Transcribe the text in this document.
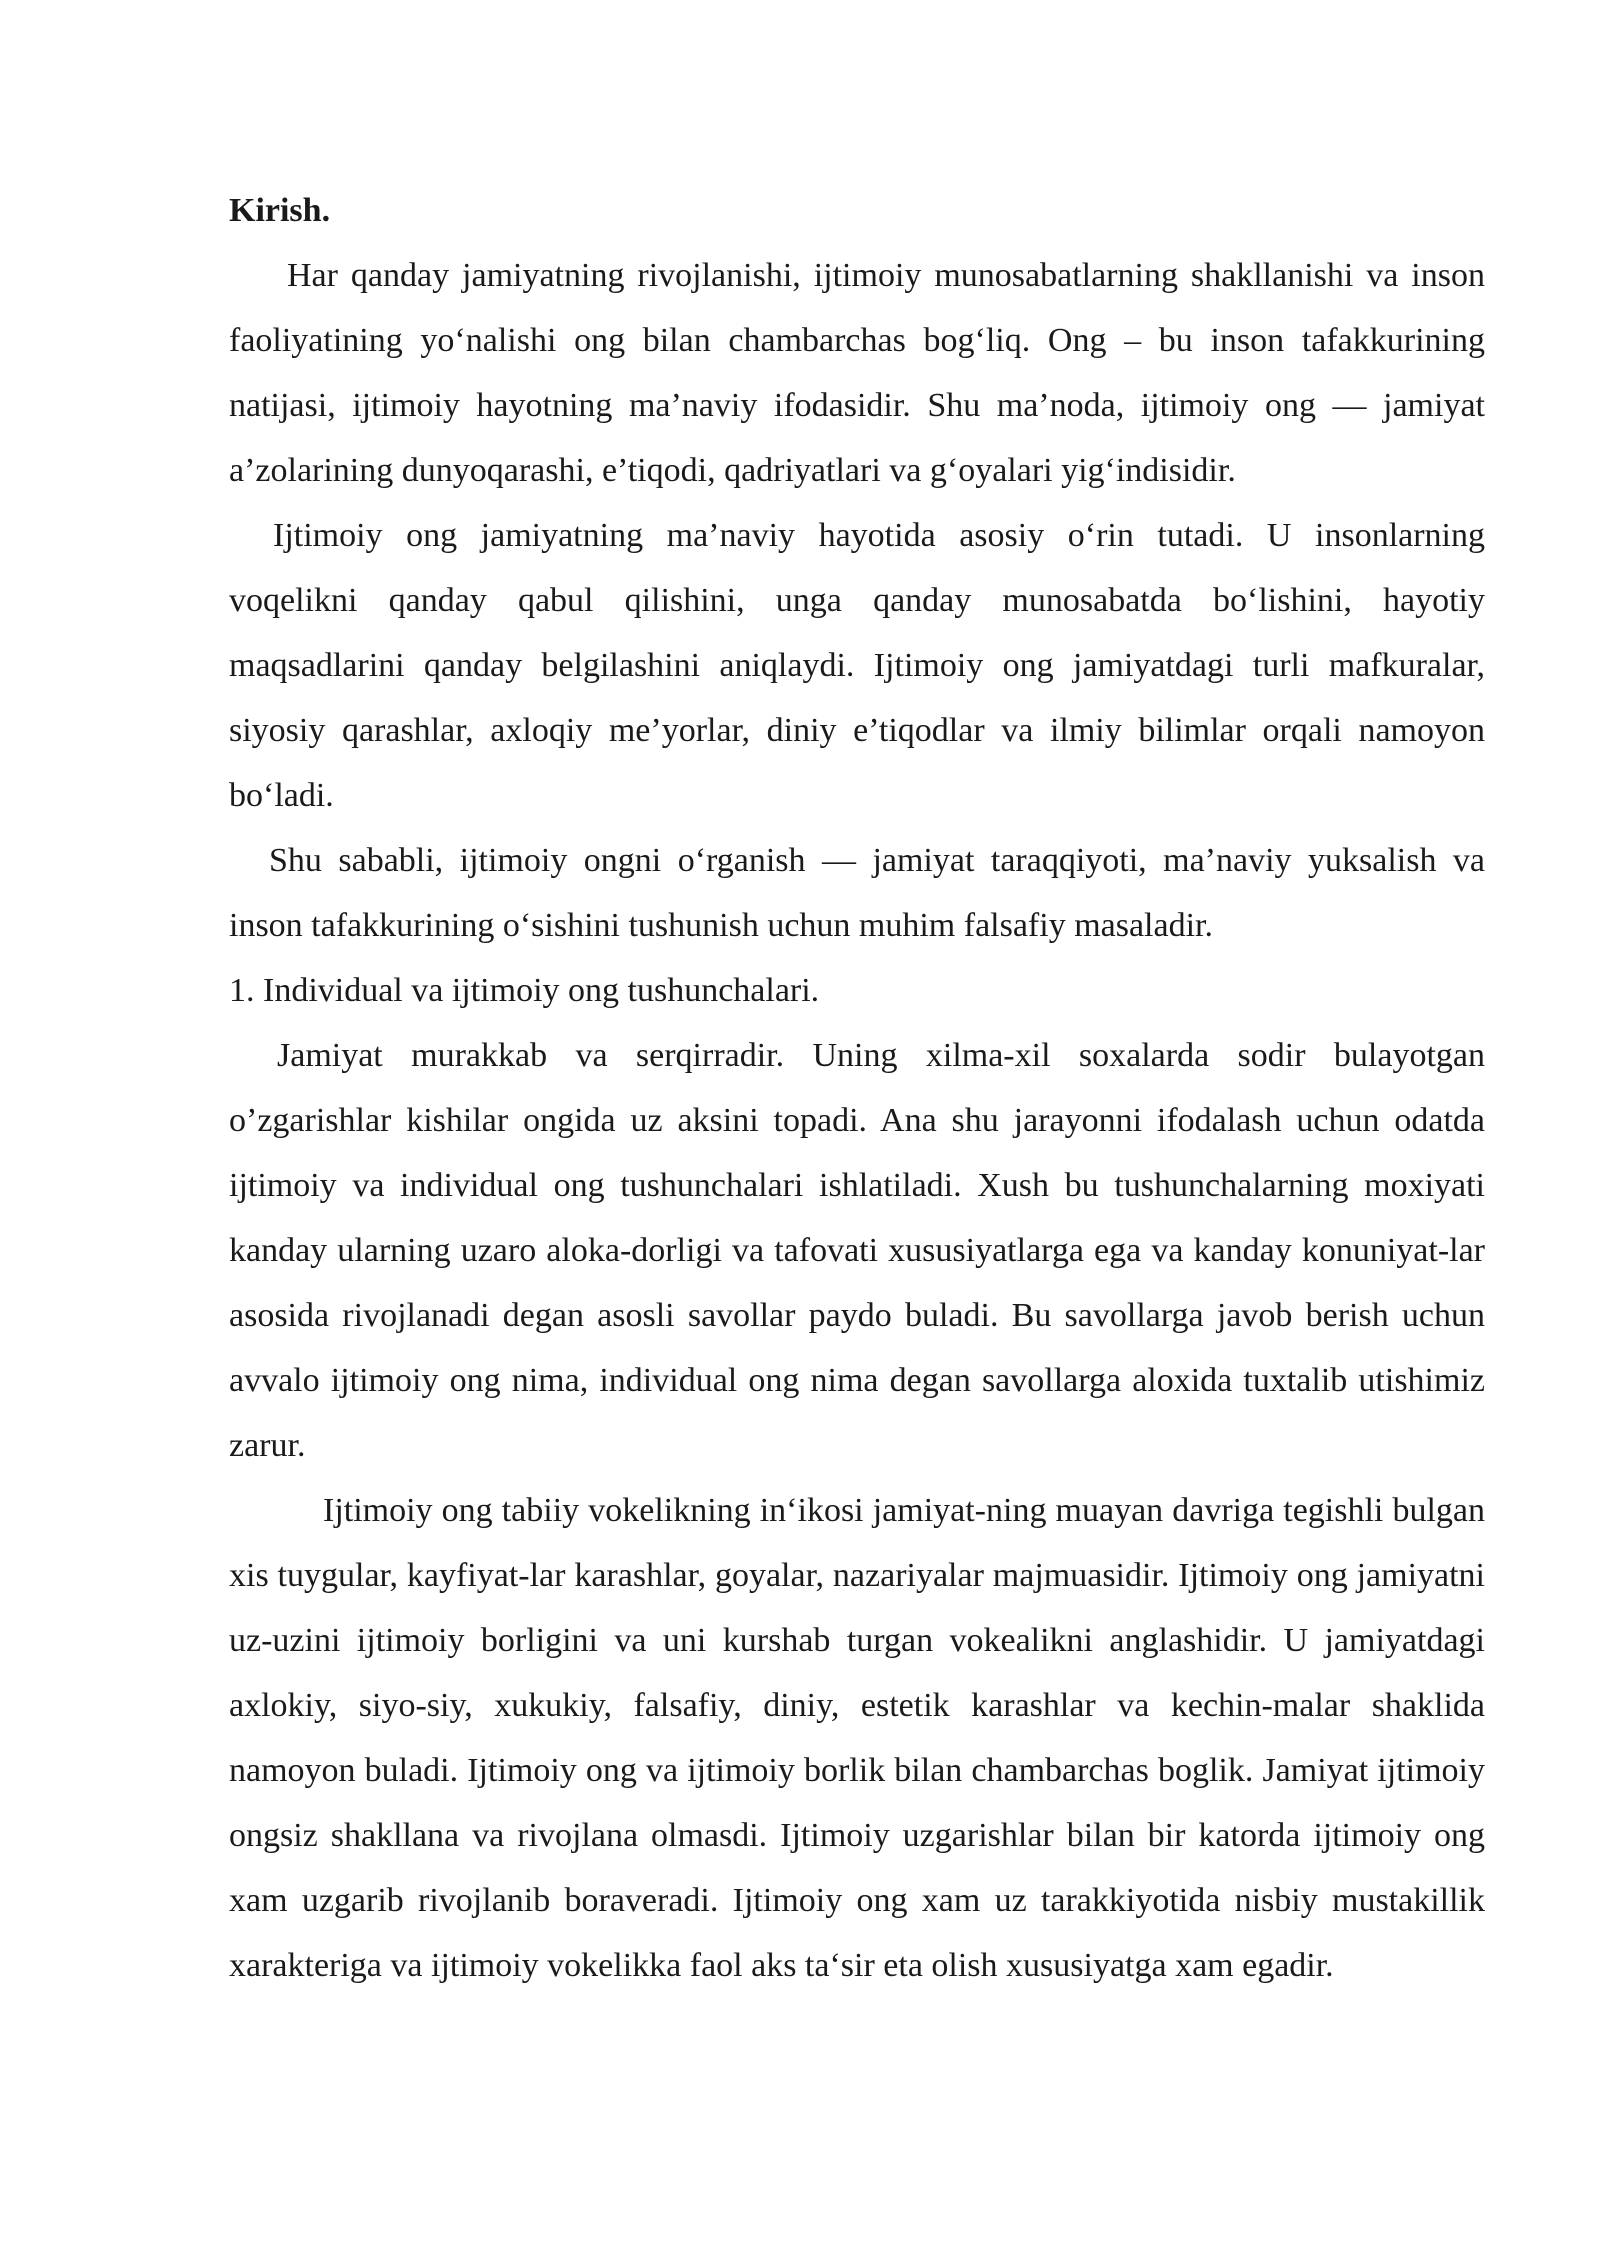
Kirish.

Har qanday jamiyatning rivojlanishi, ijtimoiy munosabatlarning shakllanishi va inson faoliyatining yo‘nalishi ong bilan chambarchas bog‘liq. Ong – bu inson tafakkurining natijasi, ijtimoiy hayotning ma’naviy ifodasidir. Shu ma’noda, ijtimoiy ong — jamiyat a’zolarining dunyoqarashi, e’tiqodi, qadriyatlari va g‘oyalari yig‘indisidir.

Ijtimoiy ong jamiyatning ma’naviy hayotida asosiy o‘rin tutadi. U insonlarning voqelikni qanday qabul qilishini, unga qanday munosabatda bo‘lishini, hayotiy maqsadlarini qanday belgilashini aniqlaydi. Ijtimoiy ong jamiyatdagi turli mafkuralar, siyosiy qarashlar, axloqiy me’yorlar, diniy e’tiqodlar va ilmiy bilimlar orqali namoyon bo‘ladi.

Shu sababli, ijtimoiy ongni o‘rganish — jamiyat taraqqiyoti, ma’naviy yuksalish va inson tafakkurining o‘sishini tushunish uchun muhim falsafiy masaladir.

1. Individual va ijtimoiy ong tushunchalari.

Jamiyat murakkab va serqirradir. Uning xilma-xil soxalarda sodir bulayotgan o’zgarishlar kishilar ongida uz aksini topadi. Ana shu jarayonni ifodalash uchun odatda ijtimoiy va individual ong tushunchalari ishlatiladi. Xush bu tushunchalarning moxiyati kanday ularning uzaro aloka-dorligi va tafovati xususiyatlarga ega va kanday konuniyat-lar asosida rivojlanadi degan asosli savollar paydo buladi. Bu savollarga javob berish uchun avvalo ijtimoiy ong nima, individual ong nima degan savollarga aloxida tuxtalib utishimiz zarur.

Ijtimoiy ong tabiiy vokelikning in‘ikosi jamiyat-ning muayan davriga tegishli bulgan xis tuygular, kayfiyat-lar karashlar, goyalar, nazariyalar majmuasidir. Ijtimoiy ong jamiyatni uz-uzini ijtimoiy borligini va uni kurshab turgan vokealikni anglashidir. U jamiyatdagi axlokiy, siyo-siy, xukukiy, falsafiy, diniy, estetik karashlar va kechin-malar shaklida namoyon buladi. Ijtimoiy ong va ijtimoiy borlik bilan chambarchas boglik. Jamiyat ijtimoiy ongsiz shakllana va rivojlana olmasdi. Ijtimoiy uzgarishlar bilan bir katorda ijtimoiy ong xam uzgarib rivojlanib boraveradi. Ijtimoiy ong xam uz tarakkiyotida nisbiy mustakillik xarakteriga va ijtimoiy vokelikka faol aks ta‘sir eta olish xususiyatga xam egadir.
